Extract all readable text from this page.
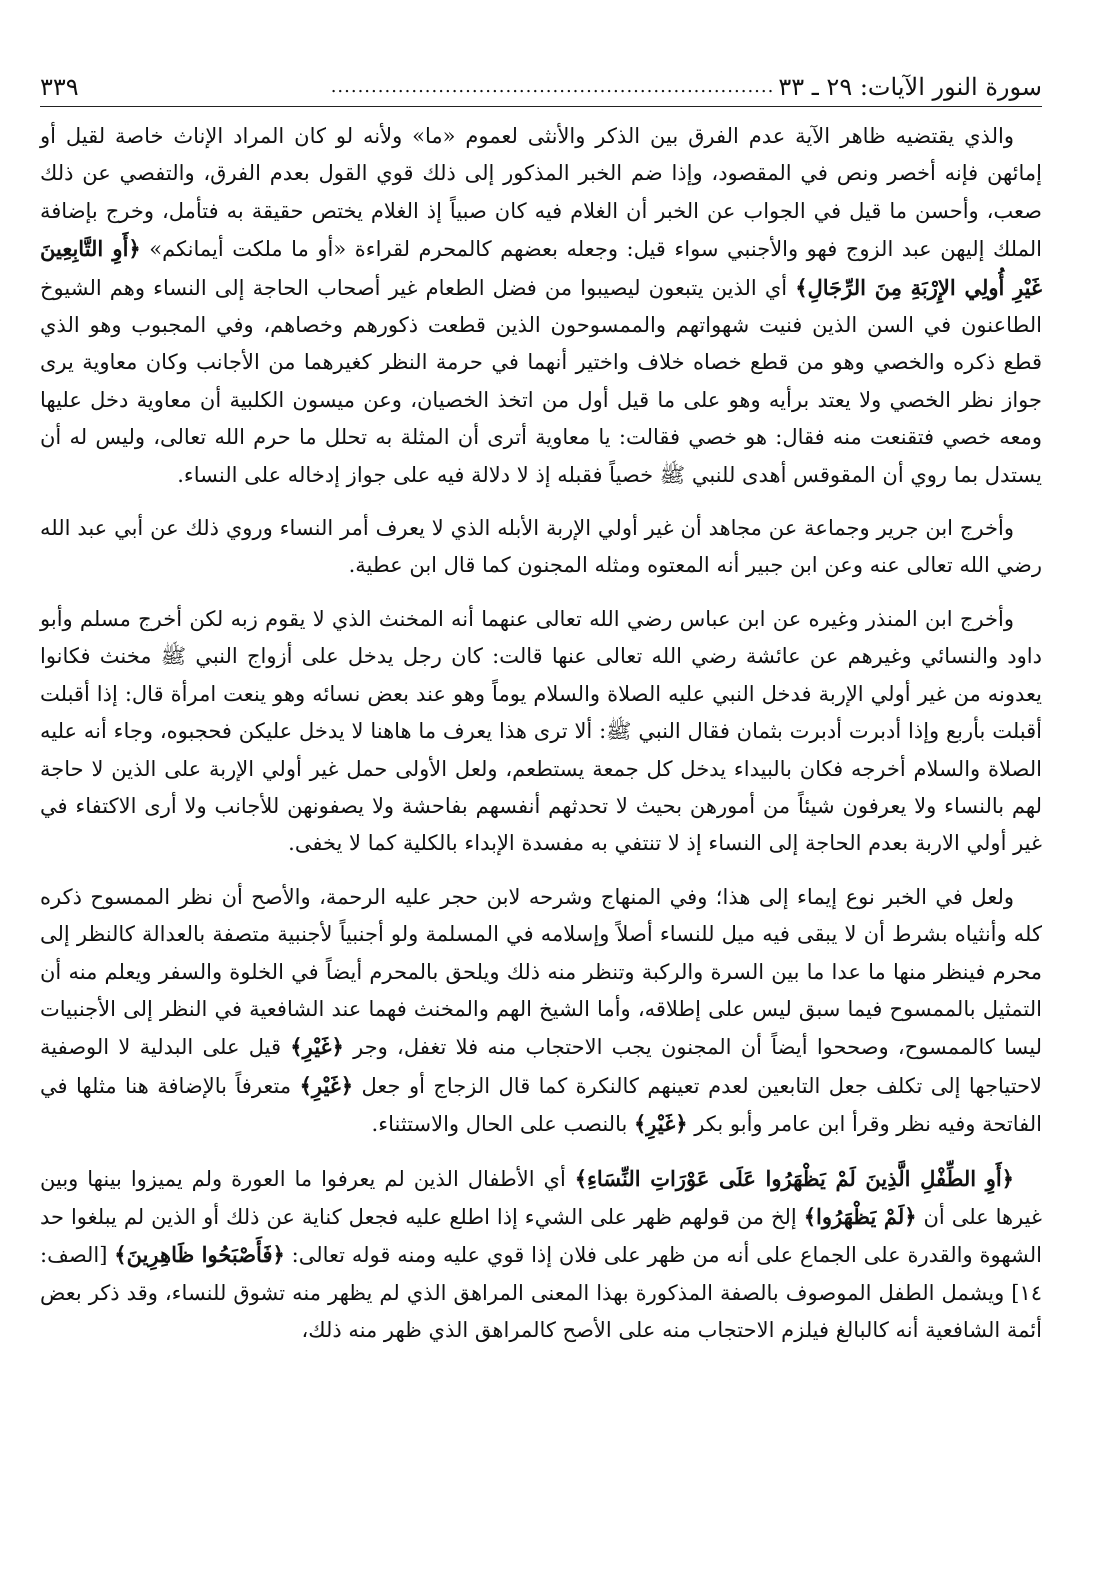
سورة النور الآيات: ٢٩ ـ ٣٣
..................................................................
٣٣٩

والذي يقتضيه ظاهر الآية عدم الفرق بين الذكر والأنثى لعموم «ما» ولأنه لو كان المراد الإناث خاصة لقيل أو إمائهن فإنه أخصر ونص في المقصود، وإذا ضم الخبر المذكور إلى ذلك قوي القول بعدم الفرق، والتفصي عن ذلك صعب، وأحسن ما قيل في الجواب عن الخبر أن الغلام فيه كان صبياً إذ الغلام يختص حقيقة به فتأمل، وخرج بإضافة الملك إليهن عبد الزوج فهو والأجنبي سواء قيل: وجعله بعضهم كالمحرم لقراءة «أو ما ملكت أيمانكم» ﴿أَوِ التَّابِعِينَ غَيْرِ أُولِي الإِرْبَةِ مِنَ الرِّجَالِ﴾ أي الذين يتبعون ليصيبوا من فضل الطعام غير أصحاب الحاجة إلى النساء وهم الشيوخ الطاعنون في السن الذين فنيت شهواتهم والممسوحون الذين قطعت ذكورهم وخصاهم، وفي المجبوب وهو الذي قطع ذكره والخصي وهو من قطع خصاه خلاف واختير أنهما في حرمة النظر كغيرهما من الأجانب وكان معاوية يرى جواز نظر الخصي ولا يعتد برأيه وهو على ما قيل أول من اتخذ الخصيان، وعن ميسون الكلبية أن معاوية دخل عليها ومعه خصي فتقنعت منه فقال: هو خصي فقالت: يا معاوية أترى أن المثلة به تحلل ما حرم الله تعالى، وليس له أن يستدل بما روي أن المقوقس أهدى للنبي ﷺ خصياً فقبله إذ لا دلالة فيه على جواز إدخاله على النساء.

وأخرج ابن جرير وجماعة عن مجاهد أن غير أولي الإربة الأبله الذي لا يعرف أمر النساء وروي ذلك عن أبي عبد الله رضي الله تعالى عنه وعن ابن جبير أنه المعتوه ومثله المجنون كما قال ابن عطية.

وأخرج ابن المنذر وغيره عن ابن عباس رضي الله تعالى عنهما أنه المخنث الذي لا يقوم زبه لكن أخرج مسلم وأبو داود والنسائي وغيرهم عن عائشة رضي الله تعالى عنها قالت: كان رجل يدخل على أزواج النبي ﷺ مخنث فكانوا يعدونه من غير أولي الإربة فدخل النبي عليه الصلاة والسلام يوماً وهو عند بعض نسائه وهو ينعت امرأة قال: إذا أقبلت أقبلت بأربع وإذا أدبرت أدبرت بثمان فقال النبي ﷺ: ألا ترى هذا يعرف ما هاهنا لا يدخل عليكن فحجبوه، وجاء أنه عليه الصلاة والسلام أخرجه فكان بالبيداء يدخل كل جمعة يستطعم، ولعل الأولى حمل غير أولي الإربة على الذين لا حاجة لهم بالنساء ولا يعرفون شيئاً من أمورهن بحيث لا تحدثهم أنفسهم بفاحشة ولا يصفونهن للأجانب ولا أرى الاكتفاء في غير أولي الاربة بعدم الحاجة إلى النساء إذ لا تنتفي به مفسدة الإبداء بالكلية كما لا يخفى.

ولعل في الخبر نوع إيماء إلى هذا؛ وفي المنهاج وشرحه لابن حجر عليه الرحمة، والأصح أن نظر الممسوح ذكره كله وأنثياه بشرط أن لا يبقى فيه ميل للنساء أصلاً وإسلامه في المسلمة ولو أجنبياً لأجنبية متصفة بالعدالة كالنظر إلى محرم فينظر منها ما عدا ما بين السرة والركبة وتنظر منه ذلك ويلحق بالمحرم أيضاً في الخلوة والسفر ويعلم منه أن التمثيل بالممسوح فيما سبق ليس على إطلاقه، وأما الشيخ الهم والمخنث فهما عند الشافعية في النظر إلى الأجنبيات ليسا كالممسوح، وصححوا أيضاً أن المجنون يجب الاحتجاب منه فلا تغفل، وجر ﴿غَيْرِ﴾ قيل على البدلية لا الوصفية لاحتياجها إلى تكلف جعل التابعين لعدم تعينهم كالنكرة كما قال الزجاج أو جعل ﴿غَيْرِ﴾ متعرفاً بالإضافة هنا مثلها في الفاتحة وفيه نظر وقرأ ابن عامر وأبو بكر ﴿غَيْرِ﴾ بالنصب على الحال والاستثناء.

﴿أَوِ الطِّفْلِ الَّذِينَ لَمْ يَظْهَرُوا عَلَى عَوْرَاتِ النِّسَاءِ﴾ أي الأطفال الذين لم يعرفوا ما العورة ولم يميزوا بينها وبين غيرها على أن ﴿لَمْ يَظْهَرُوا﴾ إلخ من قولهم ظهر على الشيء إذا اطلع عليه فجعل كناية عن ذلك أو الذين لم يبلغوا حد الشهوة والقدرة على الجماع على أنه من ظهر على فلان إذا قوي عليه ومنه قوله تعالى: ﴿فَأَصْبَحُوا ظَاهِرِينَ﴾ [الصف: ١٤] ويشمل الطفل الموصوف بالصفة المذكورة بهذا المعنى المراهق الذي لم يظهر منه تشوق للنساء، وقد ذكر بعض أئمة الشافعية أنه كالبالغ فيلزم الاحتجاب منه على الأصح كالمراهق الذي ظهر منه ذلك،
